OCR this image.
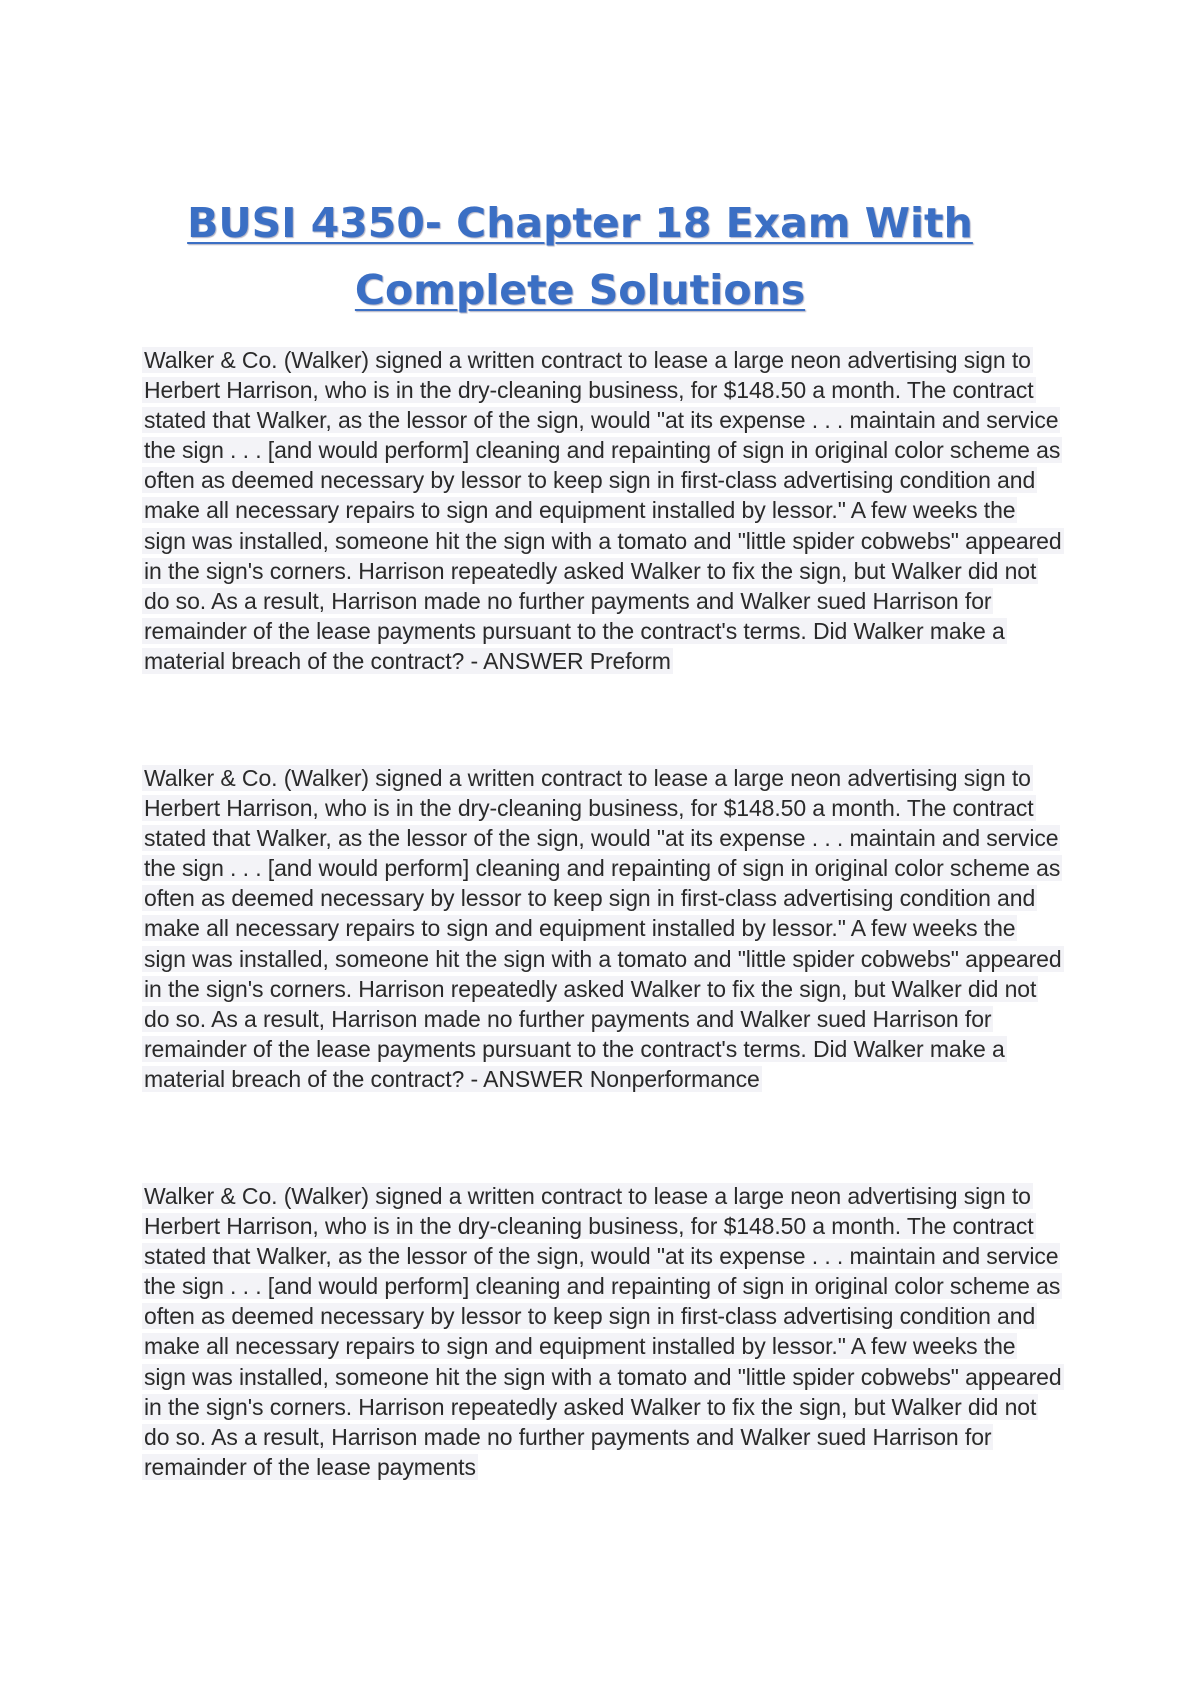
BUSI 4350- Chapter 18 Exam With
Complete Solutions

Walker & Co. (Walker) signed a written contract to lease a large neon advertising sign to Herbert Harrison, who is in the dry-cleaning business, for $148.50 a month. The contract stated that Walker, as the lessor of the sign, would "at its expense . . . maintain and service the sign . . . [and would perform] cleaning and repainting of sign in original color scheme as often as deemed necessary by lessor to keep sign in first-class advertising condition and make all necessary repairs to sign and equipment installed by lessor." A few weeks the sign was installed, someone hit the sign with a tomato and "little spider cobwebs" appeared in the sign's corners. Harrison repeatedly asked Walker to fix the sign, but Walker did not do so. As a result, Harrison made no further payments and Walker sued Harrison for remainder of the lease payments pursuant to the contract's terms. Did Walker make a material breach of the contract? - ANSWER Preform

Walker & Co. (Walker) signed a written contract to lease a large neon advertising sign to Herbert Harrison, who is in the dry-cleaning business, for $148.50 a month. The contract stated that Walker, as the lessor of the sign, would "at its expense . . . maintain and service the sign . . . [and would perform] cleaning and repainting of sign in original color scheme as often as deemed necessary by lessor to keep sign in first-class advertising condition and make all necessary repairs to sign and equipment installed by lessor." A few weeks the sign was installed, someone hit the sign with a tomato and "little spider cobwebs" appeared in the sign's corners. Harrison repeatedly asked Walker to fix the sign, but Walker did not do so. As a result, Harrison made no further payments and Walker sued Harrison for remainder of the lease payments pursuant to the contract's terms. Did Walker make a material breach of the contract? - ANSWER Nonperformance

Walker & Co. (Walker) signed a written contract to lease a large neon advertising sign to Herbert Harrison, who is in the dry-cleaning business, for $148.50 a month. The contract stated that Walker, as the lessor of the sign, would "at its expense . . . maintain and service the sign . . . [and would perform] cleaning and repainting of sign in original color scheme as often as deemed necessary by lessor to keep sign in first-class advertising condition and make all necessary repairs to sign and equipment installed by lessor." A few weeks the sign was installed, someone hit the sign with a tomato and "little spider cobwebs" appeared in the sign's corners. Harrison repeatedly asked Walker to fix the sign, but Walker did not do so. As a result, Harrison made no further payments and Walker sued Harrison for remainder of the lease payments
